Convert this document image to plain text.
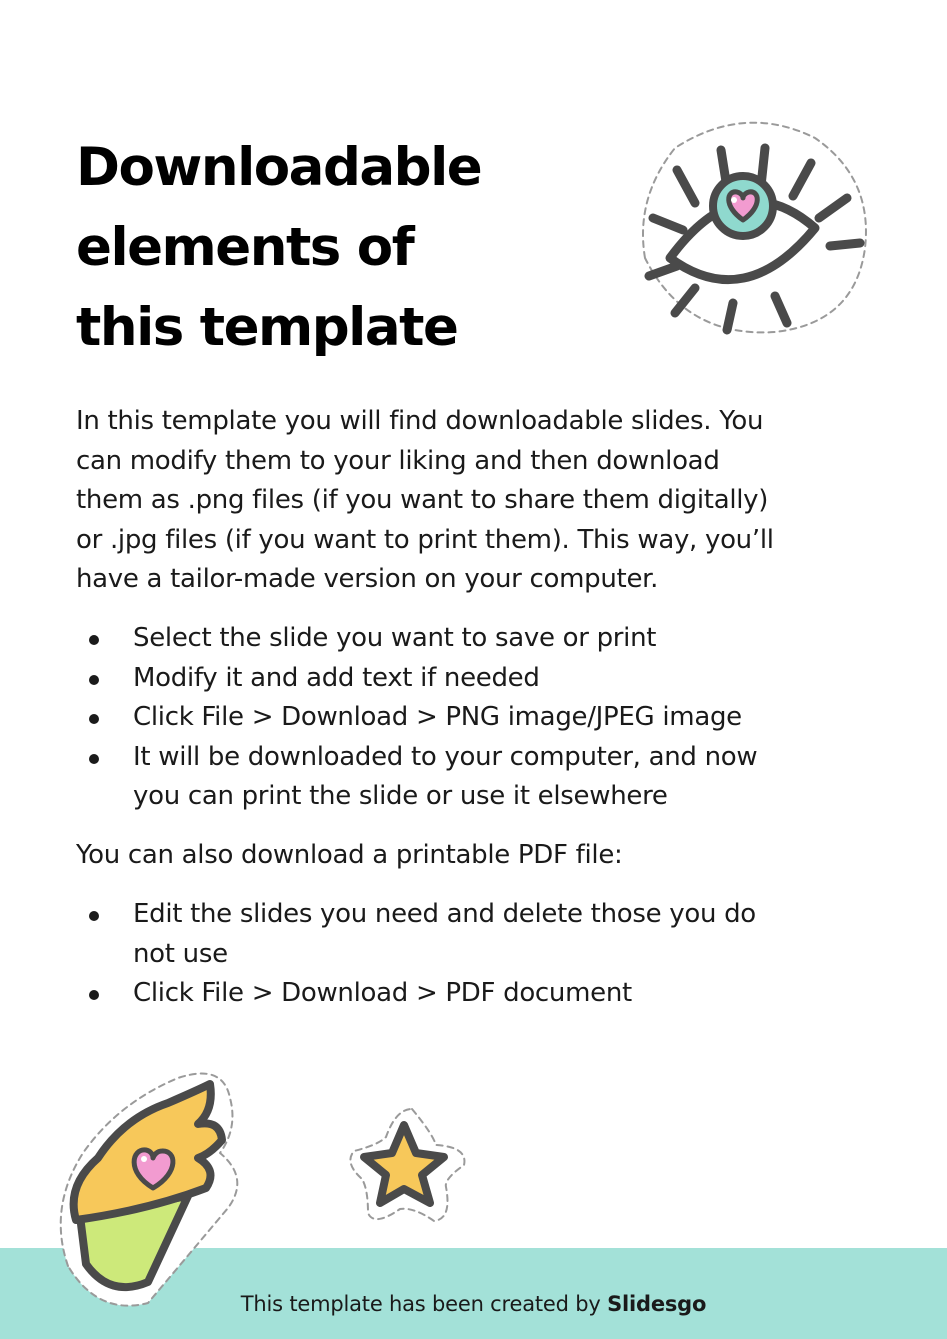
Downloadable
elements of
this template

In this template you will find downloadable slides. You
can modify them to your liking and then download
them as .png files (if you want to share them digitally)
or .jpg files (if you want to print them). This way, you’ll
have a tailor-made version on your computer.

Select the slide you want to save or print
Modify it and add text if needed
Click File > Download > PNG image/JPEG image
It will be downloaded to your computer, and now
you can print the slide or use it elsewhere

You can also download a printable PDF file:

Edit the slides you need and delete those you do
not use
Click File > Download > PDF document
This template has been created by Slidesgo
